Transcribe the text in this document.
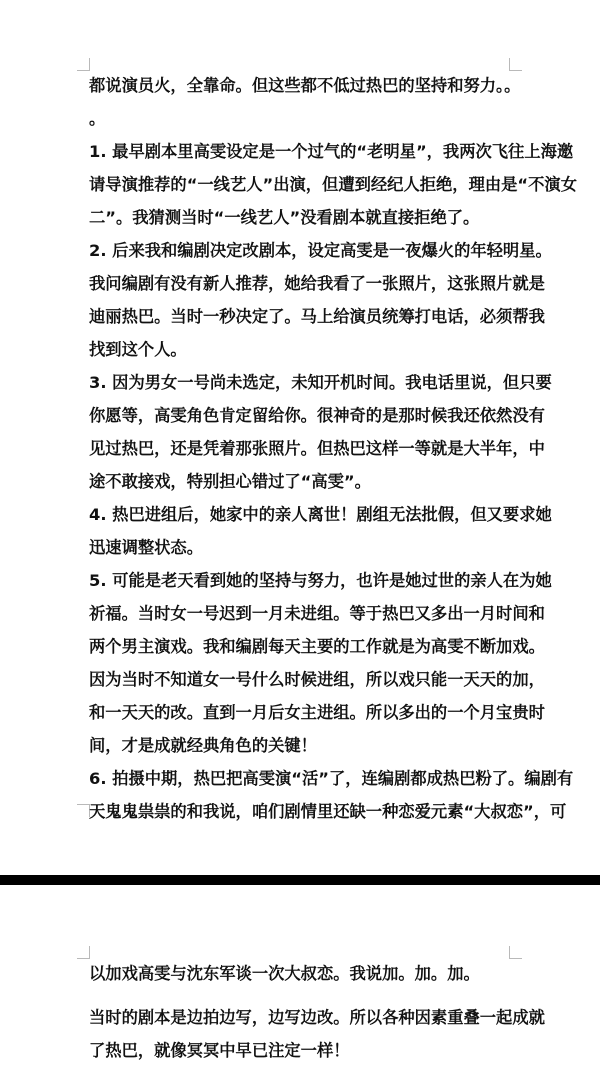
都说演员火，全靠命。但这些都不低过热巴的坚持和努力。。
。
1. 最早剧本里高雯设定是一个过气的“老明星”，我两次飞往上海邀
请导演推荐的“一线艺人”出演，但遭到经纪人拒绝，理由是“不演女
二”。我猜测当时“一线艺人”没看剧本就直接拒绝了。
2. 后来我和编剧决定改剧本，设定高雯是一夜爆火的年轻明星。
我问编剧有没有新人推荐，她给我看了一张照片，这张照片就是
迪丽热巴。当时一秒决定了。马上给演员统筹打电话，必须帮我
找到这个人。
3. 因为男女一号尚未选定，未知开机时间。我电话里说，但只要
你愿等，高雯角色肯定留给你。很神奇的是那时候我还依然没有
见过热巴，还是凭着那张照片。但热巴这样一等就是大半年，中
途不敢接戏，特别担心错过了“高雯”。
4. 热巴进组后，她家中的亲人离世！剧组无法批假，但又要求她
迅速调整状态。
5. 可能是老天看到她的坚持与努力，也许是她过世的亲人在为她
祈福。当时女一号迟到一月未进组。等于热巴又多出一月时间和
两个男主演戏。我和编剧每天主要的工作就是为高雯不断加戏。
因为当时不知道女一号什么时候进组，所以戏只能一天天的加，
和一天天的改。直到一月后女主进组。所以多出的一个月宝贵时
间，才是成就经典角色的关键！
6. 拍摄中期，热巴把高雯演“活”了，连编剧都成热巴粉了。编剧有
天鬼鬼祟祟的和我说，咱们剧情里还缺一种恋爱元素“大叔恋”，可
以加戏高雯与沈东军谈一次大叔恋。我说加。加。加。
当时的剧本是边拍边写，边写边改。所以各种因素重叠一起成就
了热巴，就像冥冥中早已注定一样！
